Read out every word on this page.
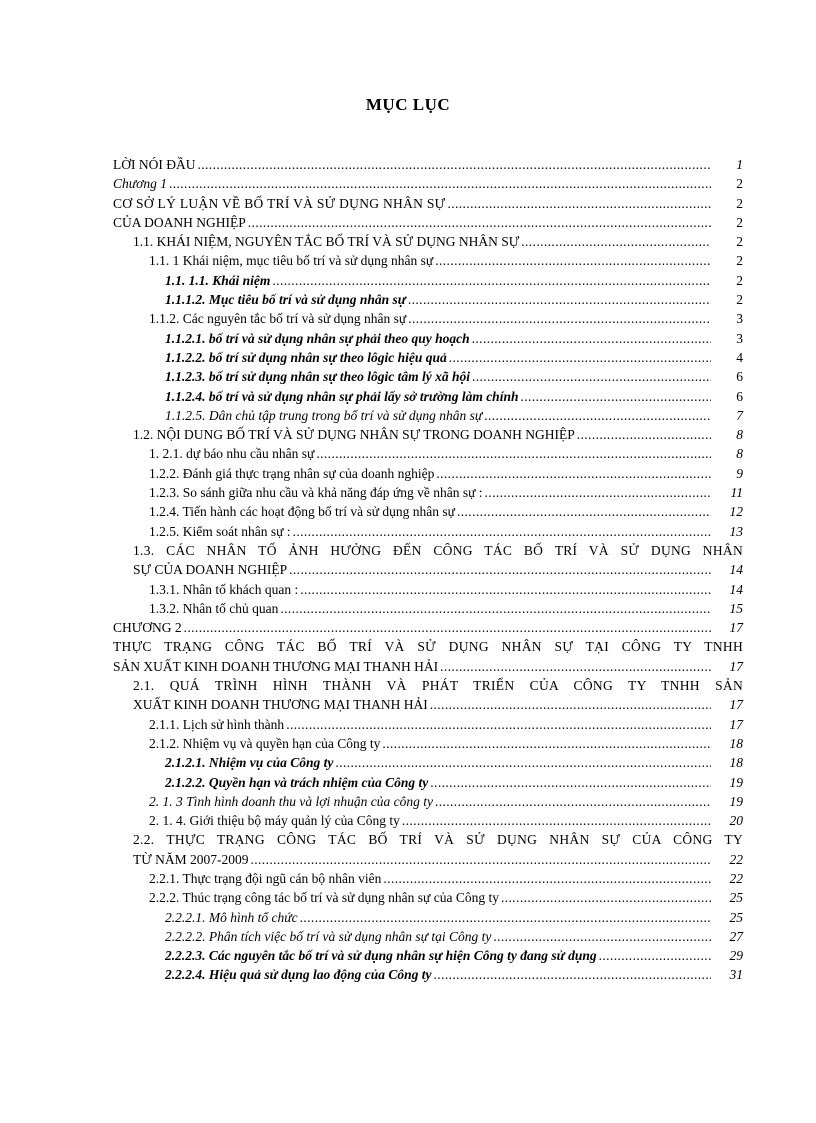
MỤC LỤC
LỜI NÓI ĐẦU .....	1
Chương 1 .....	2
CƠ SỞ LÝ LUẬN VỀ BỐ TRÍ VÀ SỬ DỤNG NHÂN SỰ .....	2
CỦA DOANH NGHIỆP .....	2
1.1. KHÁI NIỆM, NGUYÊN TẮC BỐ TRÍ VÀ SỬ DỤNG NHÂN SỰ .....	2
1.1. 1 Khái niệm, mục tiêu bố trí và sử dụng nhân sự .....	2
1.1. 1.1. Khái niệm .....	2
1.1.1.2. Mục tiêu bố trí và sử dụng nhân sự .....	2
1.1.2. Các nguyên tắc bố trí và sử dụng nhân sự .....	3
1.1.2.1. bố trí và sử dụng nhân sự phải theo quy hoạch .....	3
1.1.2.2. bố trí sử dụng nhân sự theo lôgic hiệu quả .....	4
1.1.2.3. bố trí sử dụng nhân sự theo lôgic tâm lý xã hội .....	6
1.1.2.4. bố trí và sử dụng nhân sự phải lấy sở trường làm chính .....	6
1.1.2.5. Dân chủ tập trung trong bố trí và sử dụng nhân sự .....	7
1.2. NỘI DUNG BỐ TRÍ VÀ SỬ DỤNG NHÂN SỰ TRONG DOANH NGHIỆP .....	8
1. 2.1. dự báo nhu cầu nhân sự .....	8
1.2.2. Đánh giá thực trạng nhân sự của doanh nghiệp .....	9
1.2.3. So sánh giữa nhu cầu và khả năng đáp ứng về nhân sự : .....	11
1.2.4. Tiến hành các hoạt động bố trí và sử dụng nhân sự .....	12
1.2.5. Kiểm soát nhân sự : .....	13
1.3. CÁC NHÂN TỐ ẢNH HƯỞNG ĐẾN CÔNG TÁC BỐ TRÍ VÀ SỬ DỤNG NHÂN
SỰ CỦA DOANH NGHIỆP .....	14
1.3.1. Nhân tố khách quan : .....	14
1.3.2. Nhân tố chủ quan .....	15
CHƯƠNG 2 .....	17
THỰC TRẠNG CÔNG TÁC BỐ TRÍ VÀ SỬ DỤNG NHÂN SỰ TẠI CÔNG TY TNHH
SẢN XUẤT KINH DOANH THƯƠNG MẠI THANH HẢI .....	17
2.1. QUÁ TRÌNH HÌNH THÀNH VÀ PHÁT TRIỂN CỦA CÔNG TY TNHH SẢN
XUẤT KINH DOANH THƯƠNG MẠI THANH HẢI .....	17
2.1.1. Lịch sử hình thành .....	17
2.1.2. Nhiệm vụ và quyền hạn của Công ty .....	18
2.1.2.1. Nhiệm vụ của Công ty .....	18
2.1.2.2. Quyền hạn và trách nhiệm của Công ty .....	19
2. 1. 3 Tình hình doanh thu và lợi nhuận của công ty .....	19
2. 1. 4. Giới thiệu bộ máy quản lý của Công ty .....	20
2.2. THỰC TRẠNG CÔNG TÁC BỐ TRÍ VÀ SỬ DỤNG NHÂN SỰ CỦA CÔNG TY
TỪ NĂM 2007-2009 .....	22
2.2.1. Thực trạng đội ngũ cán bộ nhân viên .....	22
2.2.2. Thúc trạng công tác bố trí và sử dụng nhân sự của Công ty .....	25
2.2.2.1. Mô hình tổ chức .....	25
2.2.2.2. Phân tích việc bố trí và sử dụng nhân sự tại Công ty .....	27
2.2.2.3. Các nguyên tắc bố trí và sử dụng nhân sự hiện Công ty đang sử dụng .....	29
2.2.2.4. Hiệu quả sử dụng lao động của Công ty .....	31
